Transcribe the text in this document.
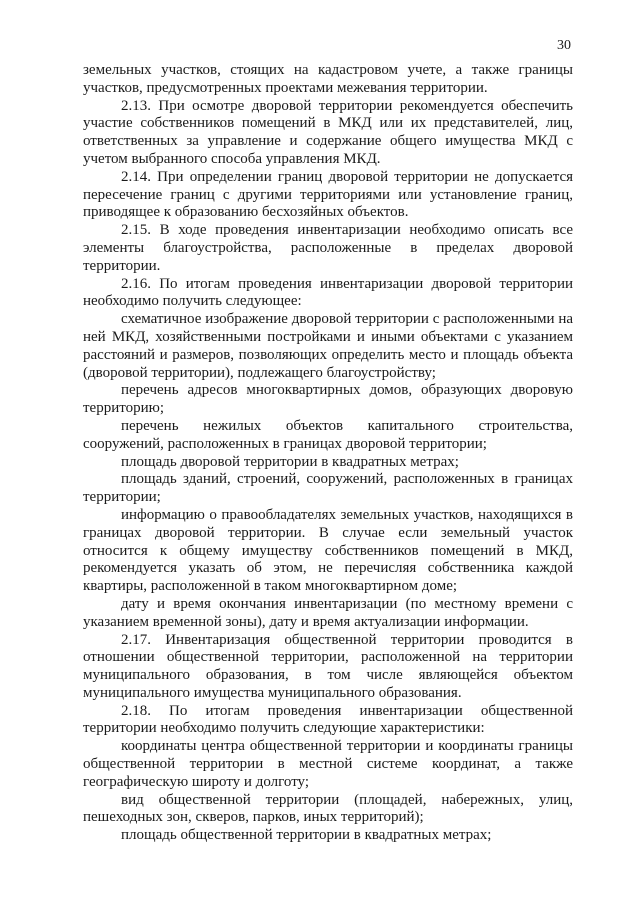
30

земельных участков, стоящих на кадастровом учете, а также границы участков, предусмотренных проектами межевания территории.

2.13. При осмотре дворовой территории рекомендуется обеспечить участие собственников помещений в МКД или их представителей, лиц, ответственных за управление и содержание общего имущества МКД с учетом выбранного способа управления МКД.

2.14. При определении границ дворовой территории не допускается пересечение границ с другими территориями или установление границ, приводящее к образованию бесхозяйных объектов.

2.15. В ходе проведения инвентаризации необходимо описать все элементы благоустройства, расположенные в пределах дворовой территории.

2.16. По итогам проведения инвентаризации дворовой территории необходимо получить следующее:

схематичное изображение дворовой территории с расположенными на ней МКД, хозяйственными постройками и иными объектами с указанием расстояний и размеров, позволяющих определить место и площадь объекта (дворовой территории), подлежащего благоустройству;

перечень адресов многоквартирных домов, образующих дворовую территорию;

перечень нежилых объектов капитального строительства, сооружений, расположенных в границах дворовой территории;

площадь дворовой территории в квадратных метрах;

площадь зданий, строений, сооружений, расположенных в границах территории;

информацию о правообладателях земельных участков, находящихся в границах дворовой территории. В случае если земельный участок относится к общему имуществу собственников помещений в МКД, рекомендуется указать об этом, не перечисляя собственника каждой квартиры, расположенной в таком многоквартирном доме;

дату и время окончания инвентаризации (по местному времени с указанием временной зоны), дату и время актуализации информации.

2.17. Инвентаризация общественной территории проводится в отношении общественной территории, расположенной на территории муниципального образования, в том числе являющейся объектом муниципального имущества муниципального образования.

2.18. По итогам проведения инвентаризации общественной территории необходимо получить следующие характеристики:

координаты центра общественной территории и координаты границы общественной территории в местной системе координат, а также географическую широту и долготу;

вид общественной территории (площадей, набережных, улиц, пешеходных зон, скверов, парков, иных территорий);

площадь общественной территории в квадратных метрах;
